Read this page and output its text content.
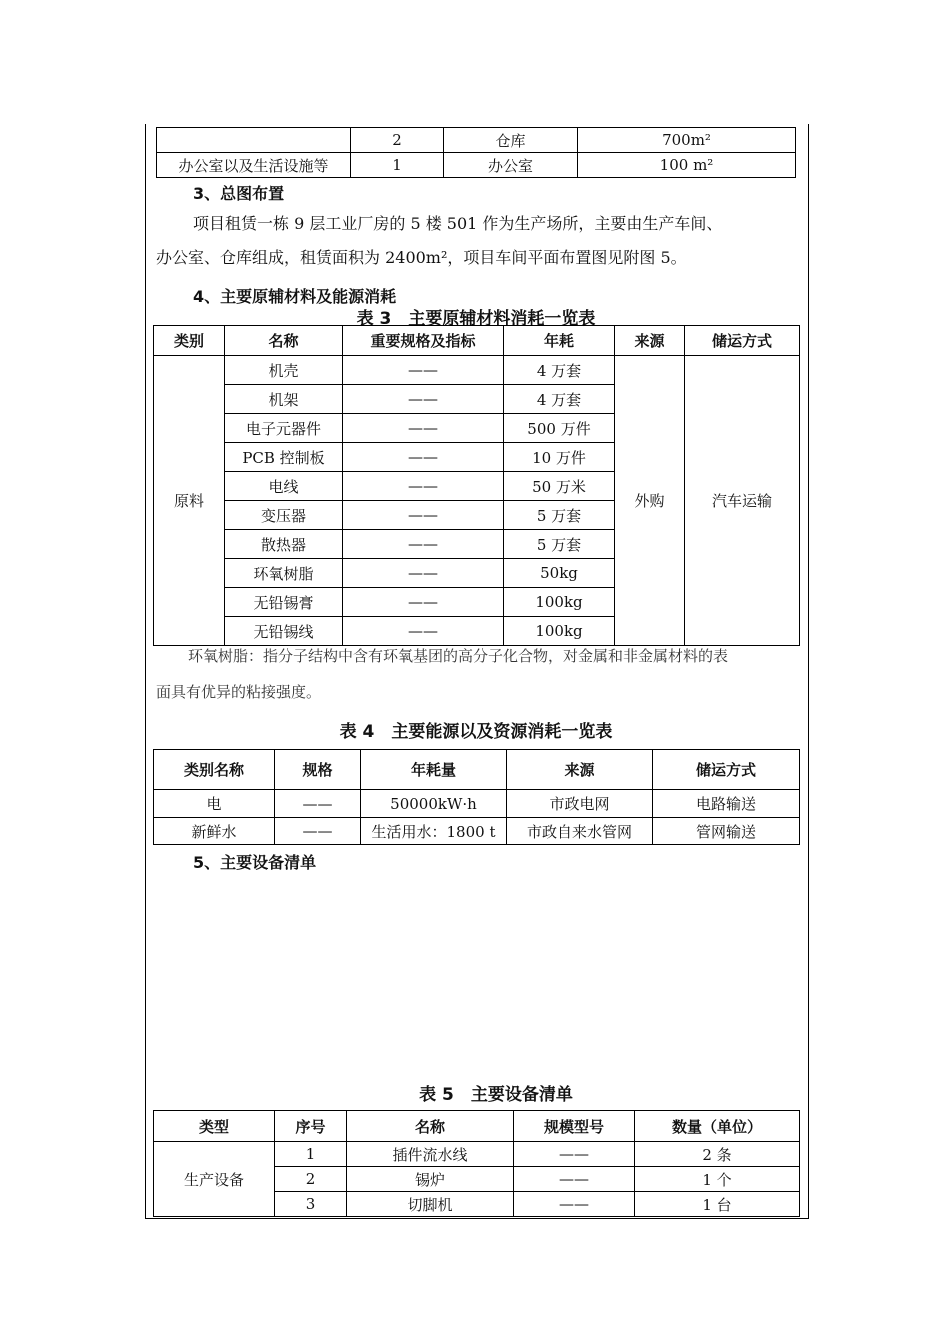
	2	仓库	700m²
办公室以及生活设施等	1	办公室	100 m²
3、总图布置
项目租赁一栋 9 层工业厂房的 5 楼 501 作为生产场所，主要由生产车间、
办公室、仓库组成，租赁面积为 2400m²，项目车间平面布置图见附图 5。
4、主要原辅材料及能源消耗
表 3　主要原辅材料消耗一览表
类别	名称	重要规格及指标	年耗	来源	储运方式
原料	机壳	——	4 万套	外购	汽车运输
	机架	——	4 万套		
	电子元器件	——	500 万件		
	PCB 控制板	——	10 万件		
	电线	——	50 万米		
	变压器	——	5 万套		
	散热器	——	5 万套		
	环氧树脂	——	50kg		
	无铅锡膏	——	100kg		
	无铅锡线	——	100kg		
环氧树脂：指分子结构中含有环氧基团的高分子化合物，对金属和非金属材料的表
面具有优异的粘接强度。
表 4　主要能源以及资源消耗一览表
类别名称	规格	年耗量	来源	储运方式
电	——	50000kW·h	市政电网	电路输送
新鲜水	——	生活用水：1800 t	市政自来水管网	管网输送
5、主要设备清单
表 5　主要设备清单
类型	序号	名称	规模型号	数量（单位）
生产设备	1	插件流水线	——	2 条
	2	锡炉	——	1 个
	3	切脚机	——	1 台
